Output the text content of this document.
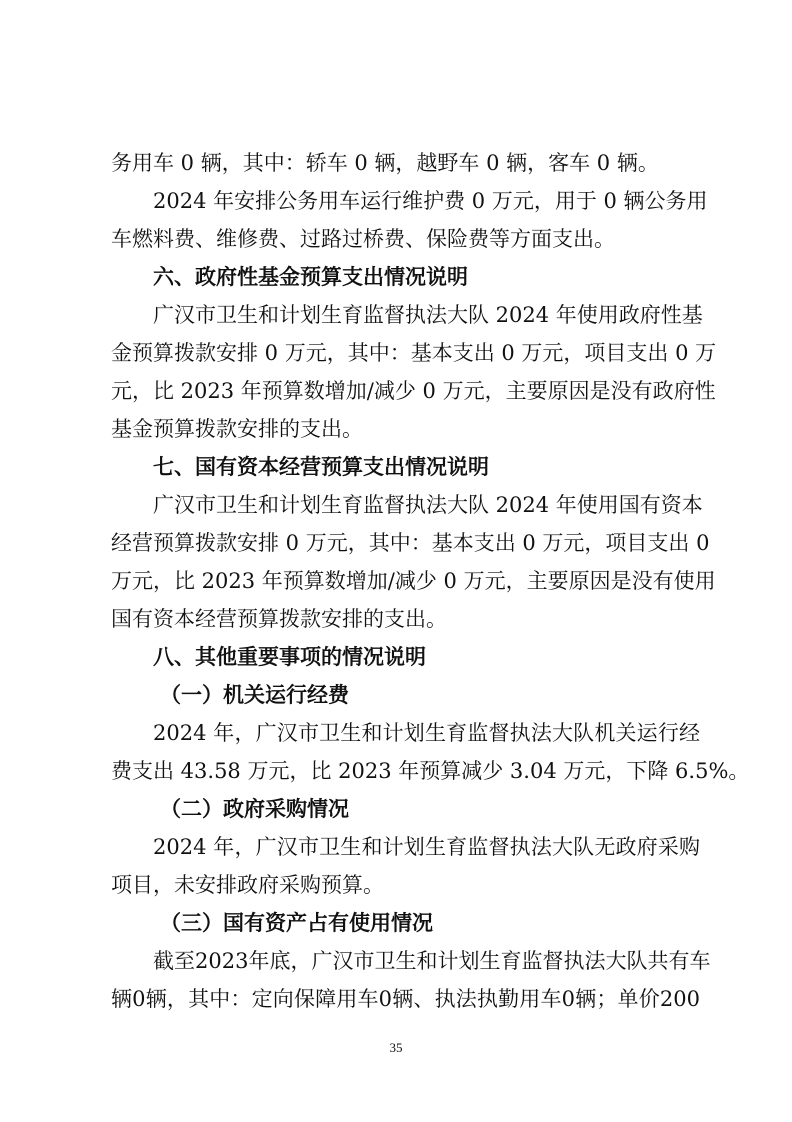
务用车 0 辆，其中：轿车 0 辆，越野车 0 辆，客车 0 辆。

2024 年安排公务用车运行维护费 0 万元，用于 0 辆公务用

车燃料费、维修费、过路过桥费、保险费等方面支出。

六、政府性基金预算支出情况说明

广汉市卫生和计划生育监督执法大队 2024 年使用政府性基

金预算拨款安排 0 万元，其中：基本支出 0 万元，项目支出 0 万

元，比 2023 年预算数增加/减少 0 万元，主要原因是没有政府性

基金预算拨款安排的支出。

七、国有资本经营预算支出情况说明

广汉市卫生和计划生育监督执法大队 2024 年使用国有资本

经营预算拨款安排 0 万元，其中：基本支出 0 万元，项目支出 0

万元，比 2023 年预算数增加/减少 0 万元，主要原因是没有使用

国有资本经营预算拨款安排的支出。

八、其他重要事项的情况说明

（一）机关运行经费

2024 年，广汉市卫生和计划生育监督执法大队机关运行经

费支出 43.58 万元，比 2023 年预算减少 3.04 万元，下降 6.5%。

（二）政府采购情况

2024 年，广汉市卫生和计划生育监督执法大队无政府采购

项目，未安排政府采购预算。

（三）国有资产占有使用情况

截至2023年底，广汉市卫生和计划生育监督执法大队共有车

辆0辆，其中：定向保障用车0辆、执法执勤用车0辆；单价200

35
